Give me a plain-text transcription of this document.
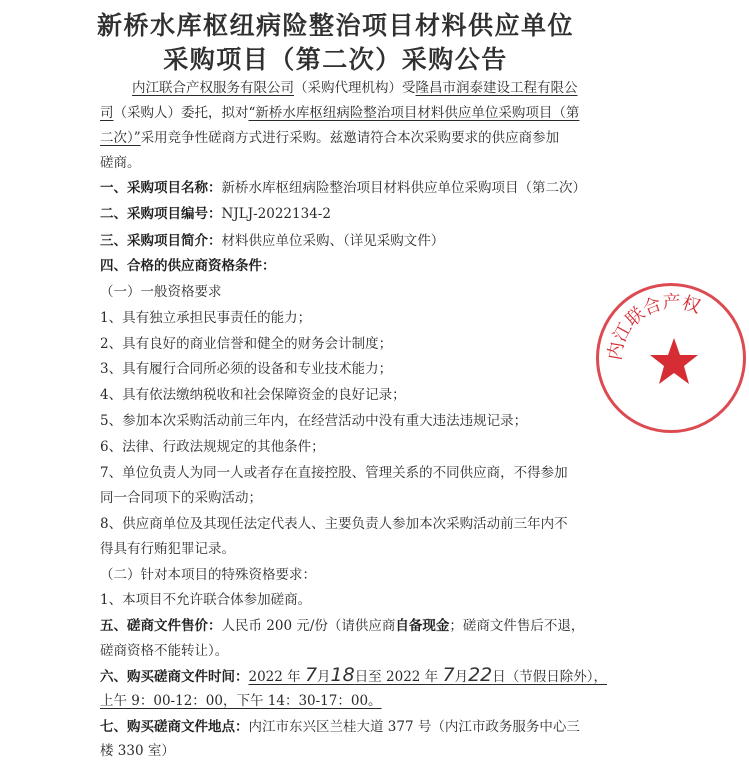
新桥水库枢纽病险整治项目材料供应单位
采购项目（第二次）采购公告
内江联合产权服务有限公司（采购代理机构）受隆昌市润泰建设工程有限公
司（采购人）委托，拟对“新桥水库枢纽病险整治项目材料供应单位采购项目（第
二次）”采用竞争性磋商方式进行采购。兹邀请符合本次采购要求的供应商参加
磋商。
一、采购项目名称：新桥水库枢纽病险整治项目材料供应单位采购项目（第二次）
二、采购项目编号：NJLJ-2022134-2
三、采购项目简介：材料供应单位采购、（详见采购文件）
四、合格的供应商资格条件：
（一）一般资格要求
1、具有独立承担民事责任的能力；
2、具有良好的商业信誉和健全的财务会计制度；
3、具有履行合同所必须的设备和专业技术能力；
4、具有依法缴纳税收和社会保障资金的良好记录；
5、参加本次采购活动前三年内，在经营活动中没有重大违法违规记录；
6、法律、行政法规规定的其他条件；
7、单位负责人为同一人或者存在直接控股、管理关系的不同供应商，不得参加
同一合同项下的采购活动；
8、供应商单位及其现任法定代表人、主要负责人参加本次采购活动前三年内不
得具有行贿犯罪记录。
（二）针对本项目的特殊资格要求：
1、本项目不允许联合体参加磋商。
五、磋商文件售价：人民币 200 元/份（请供应商自备现金；磋商文件售后不退，
磋商资格不能转让）。
六、购买磋商文件时间：2022 年 7月18日至 2022 年 7月22日（节假日除外），
上午 9：00-12：00，下午 14：30-17：00。
七、购买磋商文件地点：内江市东兴区兰桂大道 377 号（内江市政务服务中心三
楼 330 室）
内江联合产权
